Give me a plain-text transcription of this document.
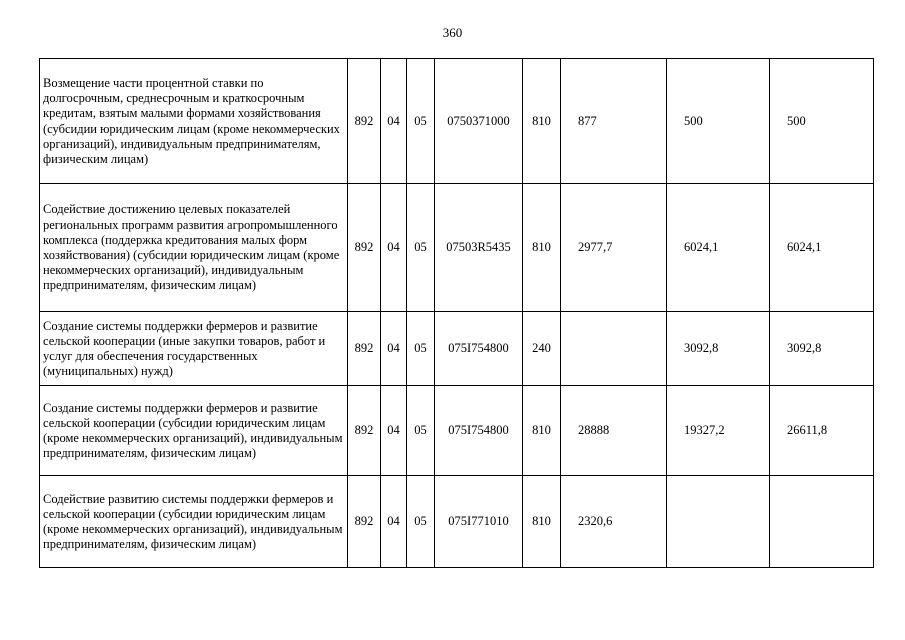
360
Возмещение части процентной ставки по долгосрочным, среднесрочным и краткосрочным кредитам, взятым малыми формами хозяйствования (субсидии юридическим лицам (кроме некоммерческих организаций), индивидуальным предпринимателям, физическим лицам)	892	04	05	0750371000	810	877	500	500
Содействие достижению целевых показателей региональных программ развития агропромышленного комплекса (поддержка кредитования малых форм хозяйствования) (субсидии юридическим лицам (кроме некоммерческих организаций), индивидуальным предпринимателям, физическим лицам)	892	04	05	07503R5435	810	2977,7	6024,1	6024,1
Создание системы поддержки фермеров и развитие сельской кооперации (иные закупки товаров, работ и услуг для обеспечения государственных (муниципальных) нужд)	892	04	05	075I754800	240		3092,8	3092,8
Создание системы поддержки фермеров и развитие сельской кооперации (субсидии юридическим лицам (кроме некоммерческих организаций), индивидуальным предпринимателям, физическим лицам)	892	04	05	075I754800	810	28888	19327,2	26611,8
Содействие развитию системы поддержки фермеров и сельской кооперации (субсидии юридическим лицам (кроме некоммерческих организаций), индивидуальным предпринимателям, физическим лицам)	892	04	05	075I771010	810	2320,6		
